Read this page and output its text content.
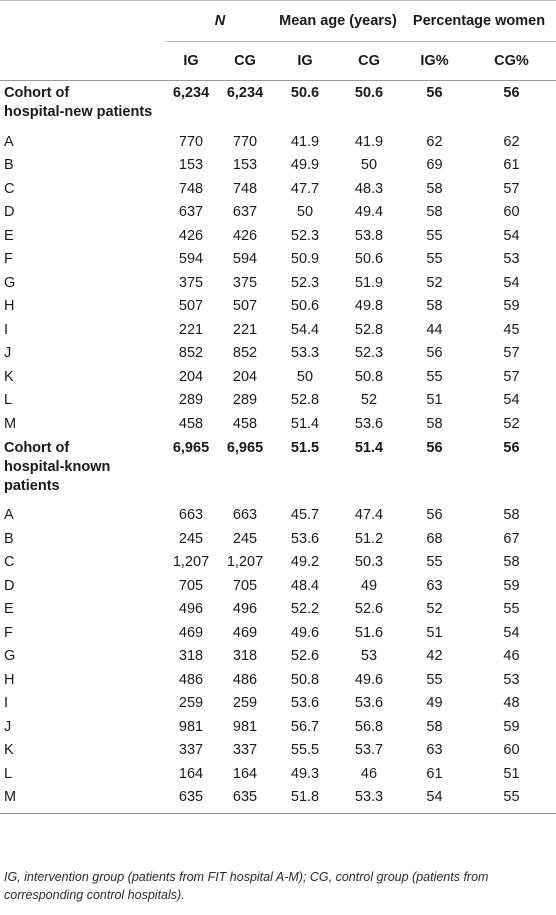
	N		Mean age (years)		Percentage women	
	IG	CG	IG	CG	IG%	CG%

Cohort of
hospital-new patients	6,234	6,234	50.6	50.6	56	56
A	770	770	41.9	41.9	62	62
B	153	153	49.9	50	69	61
C	748	748	47.7	48.3	58	57
D	637	637	50	49.4	58	60
E	426	426	52.3	53.8	55	54
F	594	594	50.9	50.6	55	53
G	375	375	52.3	51.9	52	54
H	507	507	50.6	49.8	58	59
I	221	221	54.4	52.8	44	45
J	852	852	53.3	52.3	56	57
K	204	204	50	50.8	55	57
L	289	289	52.8	52	51	54
M	458	458	51.4	53.6	58	52

Cohort of
hospital-known
patients	6,965	6,965	51.5	51.4	56	56
A	663	663	45.7	47.4	56	58
B	245	245	53.6	51.2	68	67
C	1,207	1,207	49.2	50.3	55	58
D	705	705	48.4	49	63	59
E	496	496	52.2	52.6	52	55
F	469	469	49.6	51.6	51	54
G	318	318	52.6	53	42	46
H	486	486	50.8	49.6	55	53
I	259	259	53.6	53.6	49	48
J	981	981	56.7	56.8	58	59
K	337	337	55.5	53.7	63	60
L	164	164	49.3	46	61	51
M	635	635	51.8	53.3	54	55
IG, intervention group (patients from FIT hospital A-M); CG, control group (patients from corresponding control hospitals).
